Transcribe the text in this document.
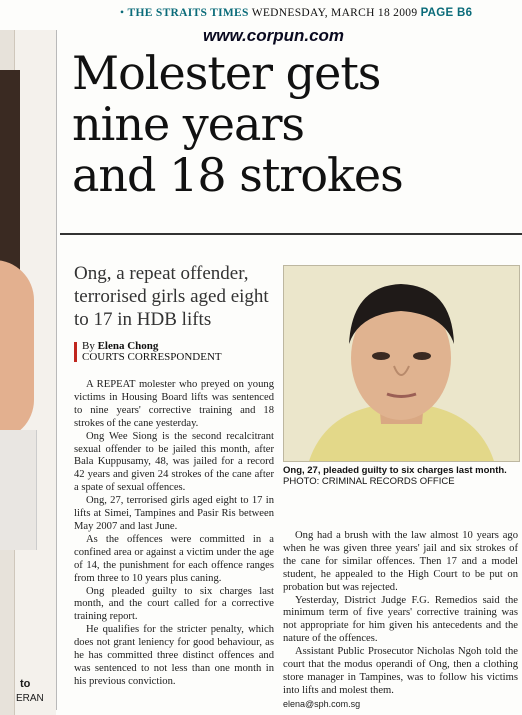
to
ERAN
• THE STRAITS TIMES WEDNESDAY, MARCH 18 2009 PAGE B6
www.corpun.com
Molester gets
nine years
and 18 strokes
Ong, a repeat offender, terrorised girls aged eight to 17 in HDB lifts
By Elena Chong
COURTS CORRESPONDENT
Ong, 27, pleaded guilty to six charges last month. PHOTO: CRIMINAL RECORDS OFFICE

A REPEAT molester who preyed on young victims in Housing Board lifts was sentenced to nine years' corrective training and 18 strokes of the cane yesterday.

Ong Wee Siong is the second recalcitrant sexual offender to be jailed this month, after Bala Kuppusamy, 48, was jailed for a record 42 years and given 24 strokes of the cane after a spate of sexual offences.

Ong, 27, terrorised girls aged eight to 17 in lifts at Simei, Tampines and Pasir Ris between May 2007 and last June.

As the offences were committed in a confined area or against a victim under the age of 14, the punishment for each offence ranges from three to 10 years plus caning.

Ong pleaded guilty to six charges last month, and the court called for a corrective training report.

He qualifies for the stricter penalty, which does not grant leniency for good behaviour, as he has committed three distinct offences and was sentenced to not less than one month in his previous conviction.

Ong had a brush with the law almost 10 years ago when he was given three years' jail and six strokes of the cane for similar offences. Then 17 and a model student, he appealed to the High Court to be put on probation but was rejected.

Yesterday, District Judge F.G. Remedios said the minimum term of five years' corrective training was not appropriate for him given his antecedents and the nature of the offences.

Assistant Public Prosecutor Nicholas Ngoh told the court that the modus operandi of Ong, then a clothing store manager in Tampines, was to follow his victims into lifts and molest them.

elena@sph.com.sg
